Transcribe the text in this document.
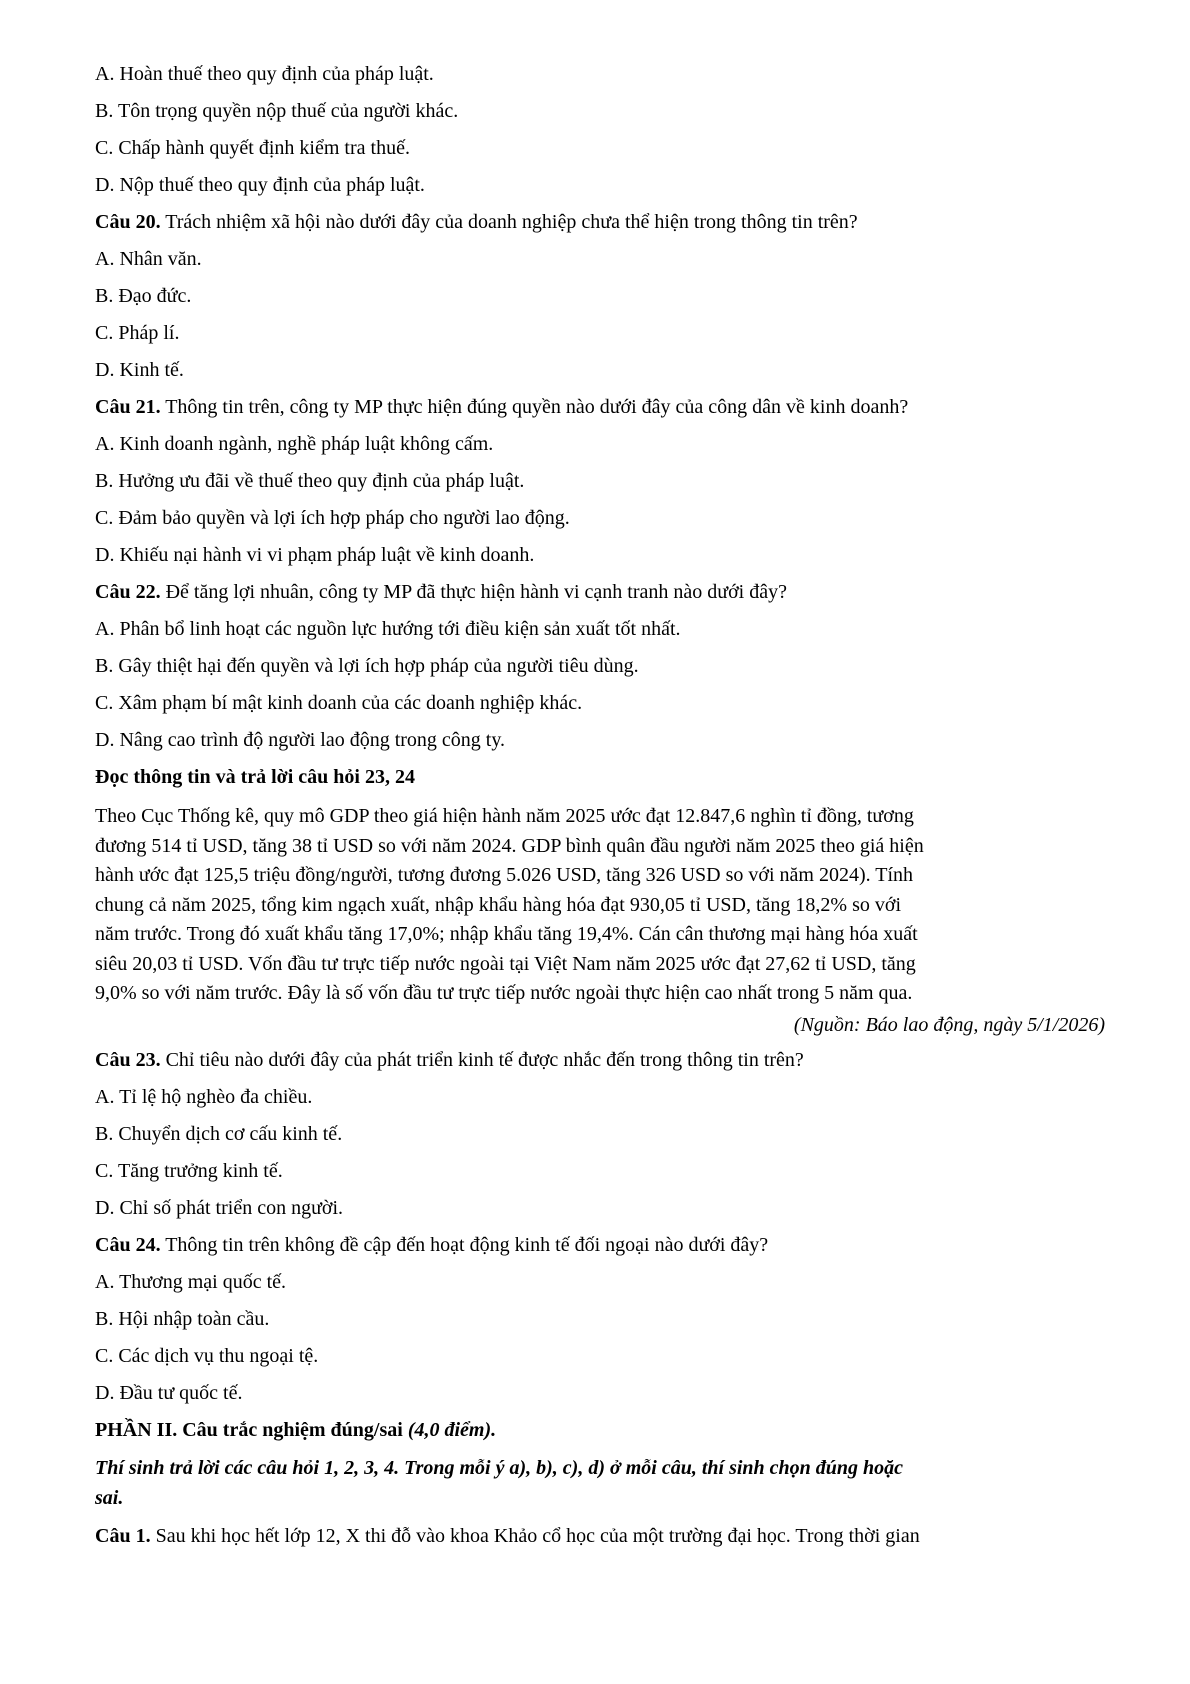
A. Hoàn thuế theo quy định của pháp luật.
B. Tôn trọng quyền nộp thuế của người khác.
C. Chấp hành quyết định kiểm tra thuế.
D. Nộp thuế theo quy định của pháp luật.
Câu 20. Trách nhiệm xã hội nào dưới đây của doanh nghiệp chưa thể hiện trong thông tin trên?
A. Nhân văn.
B. Đạo đức.
C. Pháp lí.
D. Kinh tế.
Câu 21. Thông tin trên, công ty MP thực hiện đúng quyền nào dưới đây của công dân về kinh doanh?
A. Kinh doanh ngành, nghề pháp luật không cấm.
B. Hưởng ưu đãi về thuế theo quy định của pháp luật.
C. Đảm bảo quyền và lợi ích hợp pháp cho người lao động.
D. Khiếu nại hành vi vi phạm pháp luật về kinh doanh.
Câu 22. Để tăng lợi nhuân, công ty MP đã thực hiện hành vi cạnh tranh nào dưới đây?
A. Phân bổ linh hoạt các nguồn lực hướng tới điều kiện sản xuất tốt nhất.
B. Gây thiệt hại đến quyền và lợi ích hợp pháp của người tiêu dùng.
C. Xâm phạm bí mật kinh doanh của các doanh nghiệp khác.
D. Nâng cao trình độ người lao động trong công ty.
Đọc thông tin và trả lời câu hỏi 23, 24
Theo Cục Thống kê, quy mô GDP theo giá hiện hành năm 2025 ước đạt 12.847,6 nghìn tỉ đồng, tương
đương 514 tỉ USD, tăng 38 tỉ USD so với năm 2024. GDP bình quân đầu người năm 2025 theo giá hiện
hành ước đạt 125,5 triệu đồng/người, tương đương 5.026 USD, tăng 326 USD so với năm 2024). Tính
chung cả năm 2025, tổng kim ngạch xuất, nhập khẩu hàng hóa đạt 930,05 tỉ USD, tăng 18,2% so với
năm trước. Trong đó xuất khẩu tăng 17,0%; nhập khẩu tăng 19,4%. Cán cân thương mại hàng hóa xuất
siêu 20,03 tỉ USD. Vốn đầu tư trực tiếp nước ngoài tại Việt Nam năm 2025 ước đạt 27,62 tỉ USD, tăng
9,0% so với năm trước. Đây là số vốn đầu tư trực tiếp nước ngoài thực hiện cao nhất trong 5 năm qua.
(Nguồn: Báo lao động, ngày 5/1/2026)
Câu 23. Chỉ tiêu nào dưới đây của phát triển kinh tế được nhắc đến trong thông tin trên?
A. Tỉ lệ hộ nghèo đa chiều.
B. Chuyển dịch cơ cấu kinh tế.
C. Tăng trưởng kinh tế.
D. Chỉ số phát triển con người.
Câu 24. Thông tin trên không đề cập đến hoạt động kinh tế đối ngoại nào dưới đây?
A. Thương mại quốc tế.
B. Hội nhập toàn cầu.
C. Các dịch vụ thu ngoại tệ.
D. Đầu tư quốc tế.
PHẦN II. Câu trắc nghiệm đúng/sai (4,0 điểm).
Thí sinh trả lời các câu hỏi 1, 2, 3, 4. Trong mỗi ý a), b), c), d) ở mỗi câu, thí sinh chọn đúng hoặc
sai.
Câu 1. Sau khi học hết lớp 12, X thi đỗ vào khoa Khảo cổ học của một trường đại học. Trong thời gian
